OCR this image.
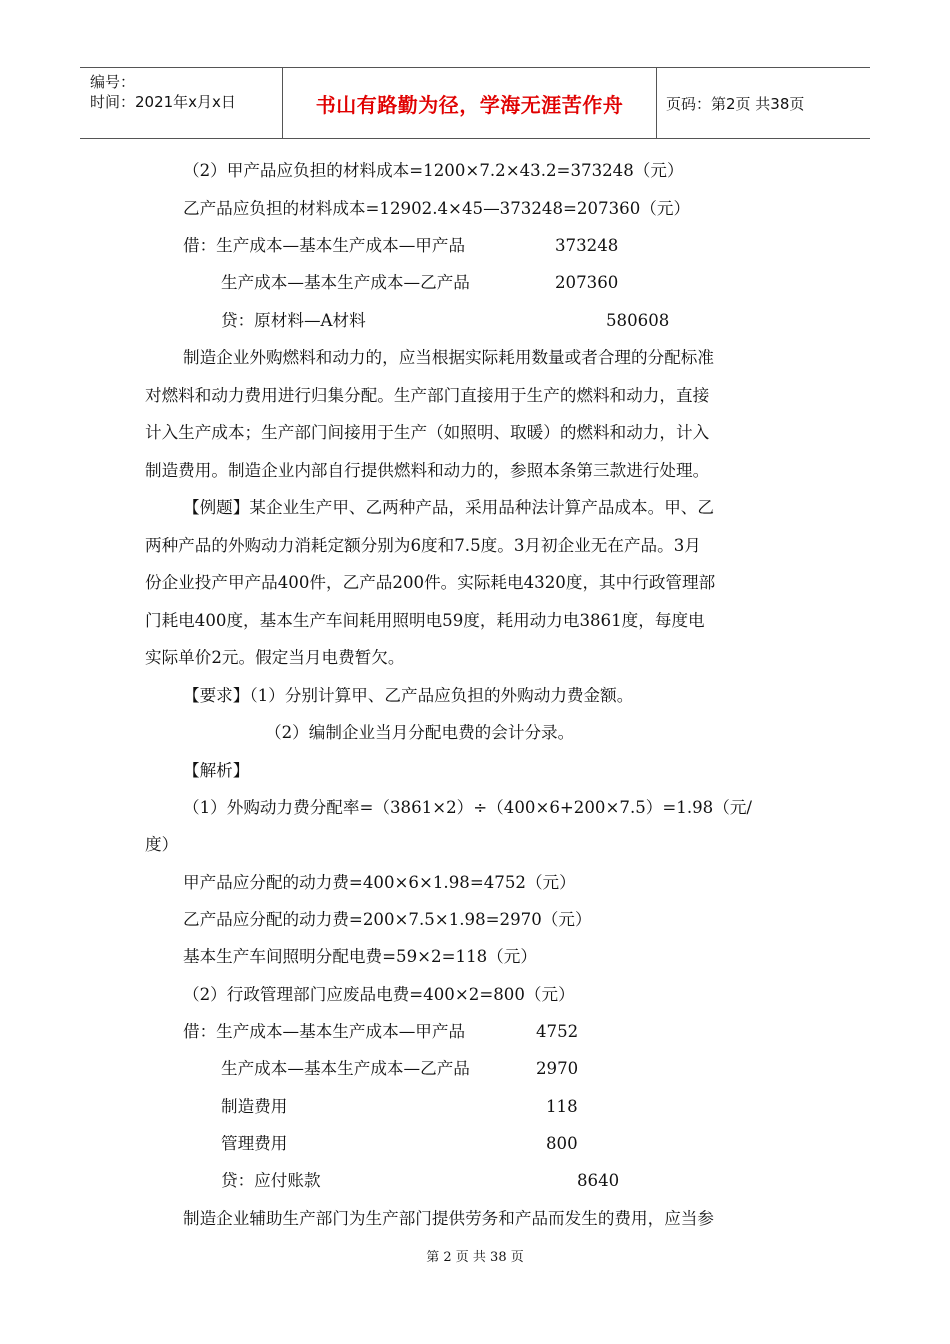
编号：
时间：2021年x月x日	书山有路勤为径，学海无涯苦作舟	页码：第2页 共38页
（2）甲产品应负担的材料成本=1200×7.2×43.2=373248（元）
乙产品应负担的材料成本=12902.4×45—373248=207360（元）
借：生产成本—基本生产成本—甲产品	373248
生产成本—基本生产成本—乙产品	207360
贷：原材料—A材料	580608
制造企业外购燃料和动力的，应当根据实际耗用数量或者合理的分配标准
对燃料和动力费用进行归集分配。生产部门直接用于生产的燃料和动力，直接
计入生产成本；生产部门间接用于生产（如照明、取暖）的燃料和动力，计入
制造费用。制造企业内部自行提供燃料和动力的，参照本条第三款进行处理。
【例题】某企业生产甲、乙两种产品，采用品种法计算产品成本。甲、乙
两种产品的外购动力消耗定额分别为6度和7.5度。3月初企业无在产品。3月
份企业投产甲产品400件，乙产品200件。实际耗电4320度，其中行政管理部
门耗电400度，基本生产车间耗用照明电59度，耗用动力电3861度，每度电
实际单价2元。假定当月电费暂欠。
【要求】（1）分别计算甲、乙产品应负担的外购动力费金额。
（2）编制企业当月分配电费的会计分录。
【解析】
（1）外购动力费分配率=（3861×2）÷（400×6+200×7.5）=1.98（元/
度）
甲产品应分配的动力费=400×6×1.98=4752（元）
乙产品应分配的动力费=200×7.5×1.98=2970（元）
基本生产车间照明分配电费=59×2=118（元）
（2）行政管理部门应废品电费=400×2=800（元）
借：生产成本—基本生产成本—甲产品	4752
生产成本—基本生产成本—乙产品	2970
制造费用	118
管理费用	800
贷：应付账款	8640
制造企业辅助生产部门为生产部门提供劳务和产品而发生的费用，应当参
第 2 页 共 38 页
